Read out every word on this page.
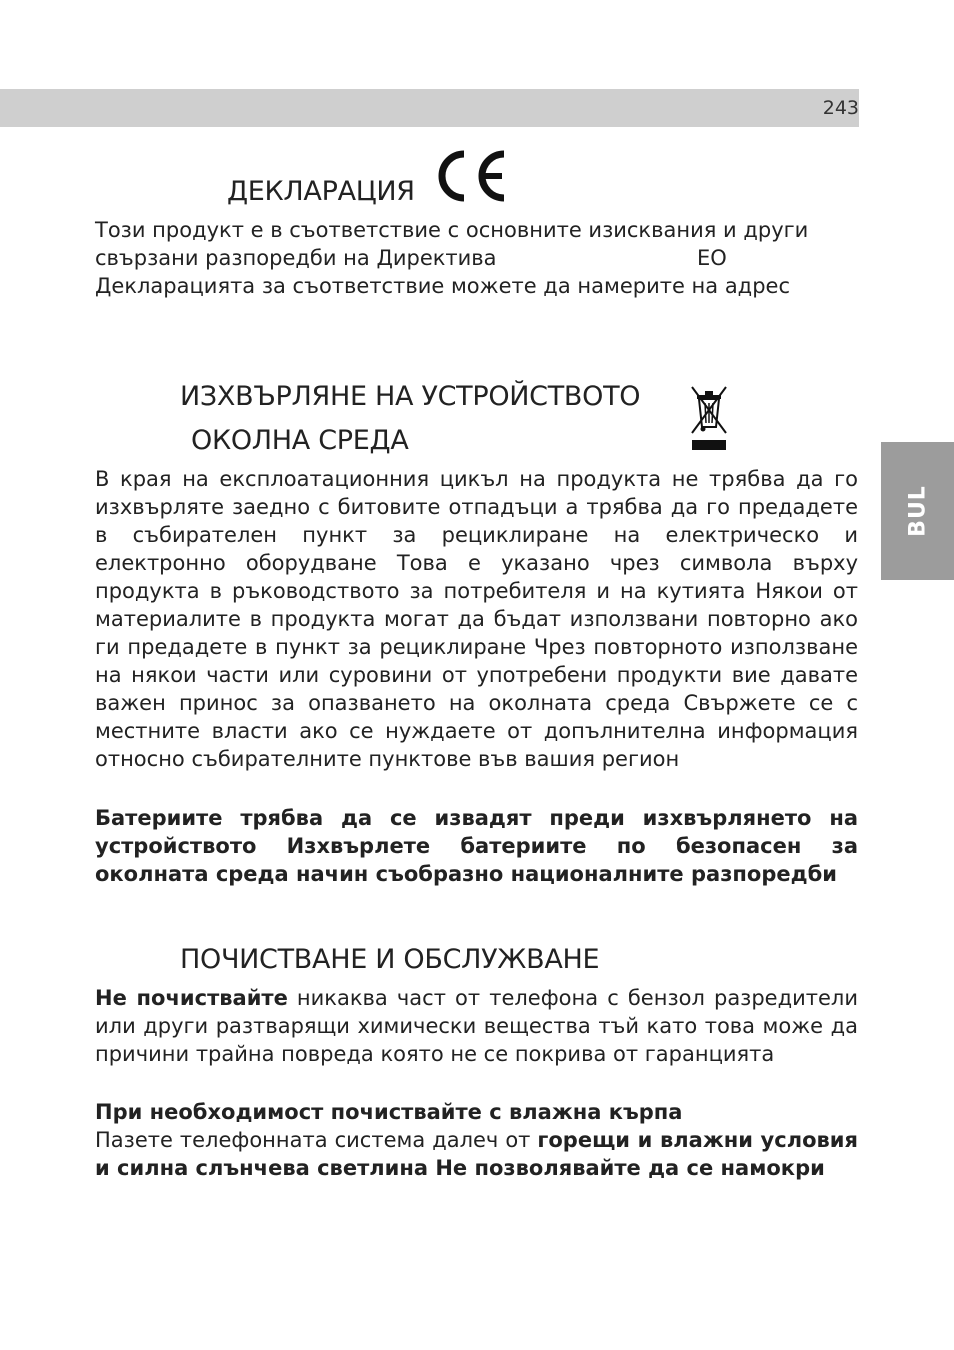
243
BUL
ДЕКЛАРАЦИЯ

Този продукт е в съответствие с основните изисквания и други

свързани разпоредби на Директива	ЕО
Декларацията за съответствие можете да намерите на адрес
ИЗХВЪРЛЯНЕ НА УСТРОЙСТВОТО
ОКОЛНА СРЕДА

В края на експлоатационния цикъл на продукта не трябва да го изхвърляте заедно с битовите отпадъци а трябва да го предадете в събирателен пункт за рециклиране на електрическо и електронно оборудване Това е указано чрез символа върху продукта в ръководството за потребителя и на кутията Някои от материалите в продукта могат да бъдат използвани повторно ако ги предадете в пункт за рециклиране Чрез повторното използване на някои части или суровини от употребени продукти вие давате важен принос за опазването на околната среда Свържете се с местните власти ако се нуждаете от допълнителна информация относно събирателните пунктове във вашия регион

Батериите трябва да се извадят преди изхвърлянето на устройството Изхвърлете батериите по безопасен за околната среда начин съобразно националните разпоредби

ПОЧИСТВАНЕ И ОБСЛУЖВАНЕ

Не почиствайте никаква част от телефона с бензол разредители или други разтварящи химически вещества тъй като това може да причини трайна повреда която не се покрива от гаранцията

При необходимост почиствайте с влажна кърпа

Пазете телефонната система далеч от горещи и влажни условия и силна слънчева светлина Не позволявайте да се намокри
